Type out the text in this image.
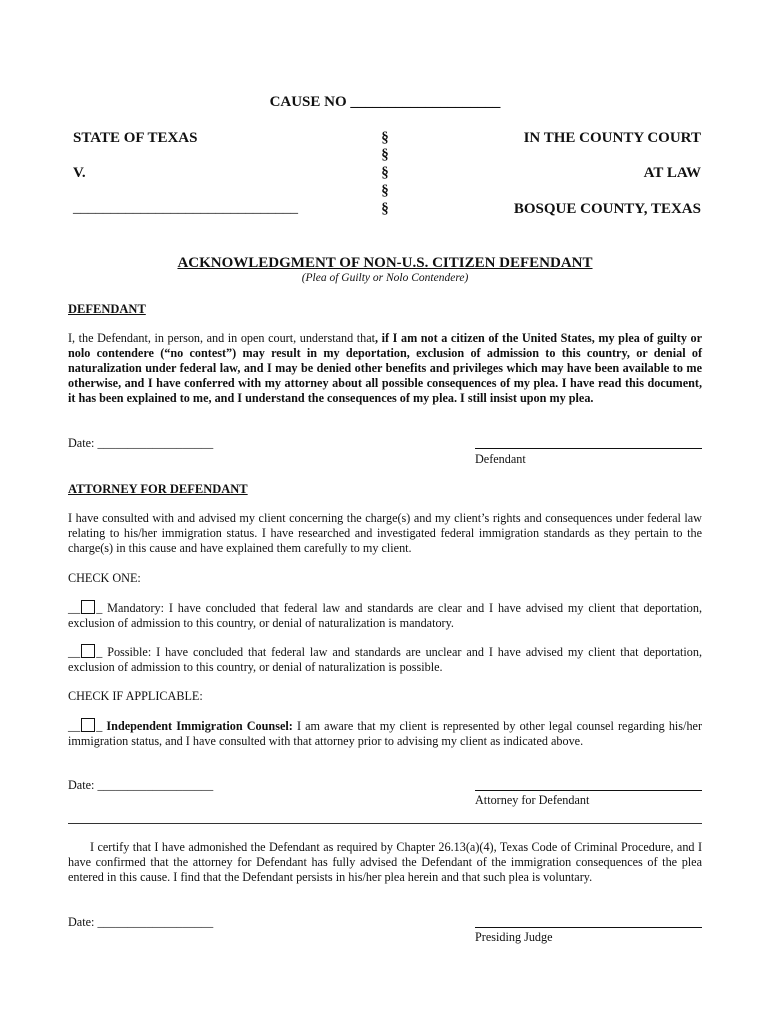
CAUSE NO ____________________
STATE OF TEXAS
V.
______________________________
§
§
§
§
§
IN THE COUNTY COURT
AT LAW
BOSQUE COUNTY, TEXAS
ACKNOWLEDGMENT OF NON-U.S. CITIZEN DEFENDANT
(Plea of Guilty or Nolo Contendere)
DEFENDANT
I, the Defendant, in person, and in open court, understand that, if I am not a citizen of the United States, my plea of guilty or nolo contendere (“no contest”) may result in my deportation, exclusion of admission to this country, or denial of naturalization under federal law, and I may be denied other benefits and privileges which may have been available to me otherwise, and I have conferred with my attorney about all possible consequences of my plea. I have read this document, it has been explained to me, and I understand the consequences of my plea. I still insist upon my plea.
Date: ___________________
Defendant
ATTORNEY FOR DEFENDANT
I have consulted with and advised my client concerning the charge(s) and my client’s rights and consequences under federal law relating to his/her immigration status. I have researched and investigated federal immigration standards as they pertain to the charge(s) in this cause and have explained them carefully to my client.
CHECK ONE:
__ _ Mandatory: I have concluded that federal law and standards are clear and I have advised my client that deportation, exclusion of admission to this country, or denial of naturalization is mandatory.
__ _ Possible: I have concluded that federal law and standards are unclear and I have advised my client that deportation, exclusion of admission to this country, or denial of naturalization is possible.
CHECK IF APPLICABLE:
__ _ Independent Immigration Counsel: I am aware that my client is represented by other legal counsel regarding his/her immigration status, and I have consulted with that attorney prior to advising my client as indicated above.
Date: ___________________
Attorney for Defendant
I certify that I have admonished the Defendant as required by Chapter 26.13(a)(4), Texas Code of Criminal Procedure, and I have confirmed that the attorney for Defendant has fully advised the Defendant of the immigration consequences of the plea entered in this cause. I find that the Defendant persists in his/her plea herein and that such plea is voluntary.
Date: ___________________
Presiding Judge
